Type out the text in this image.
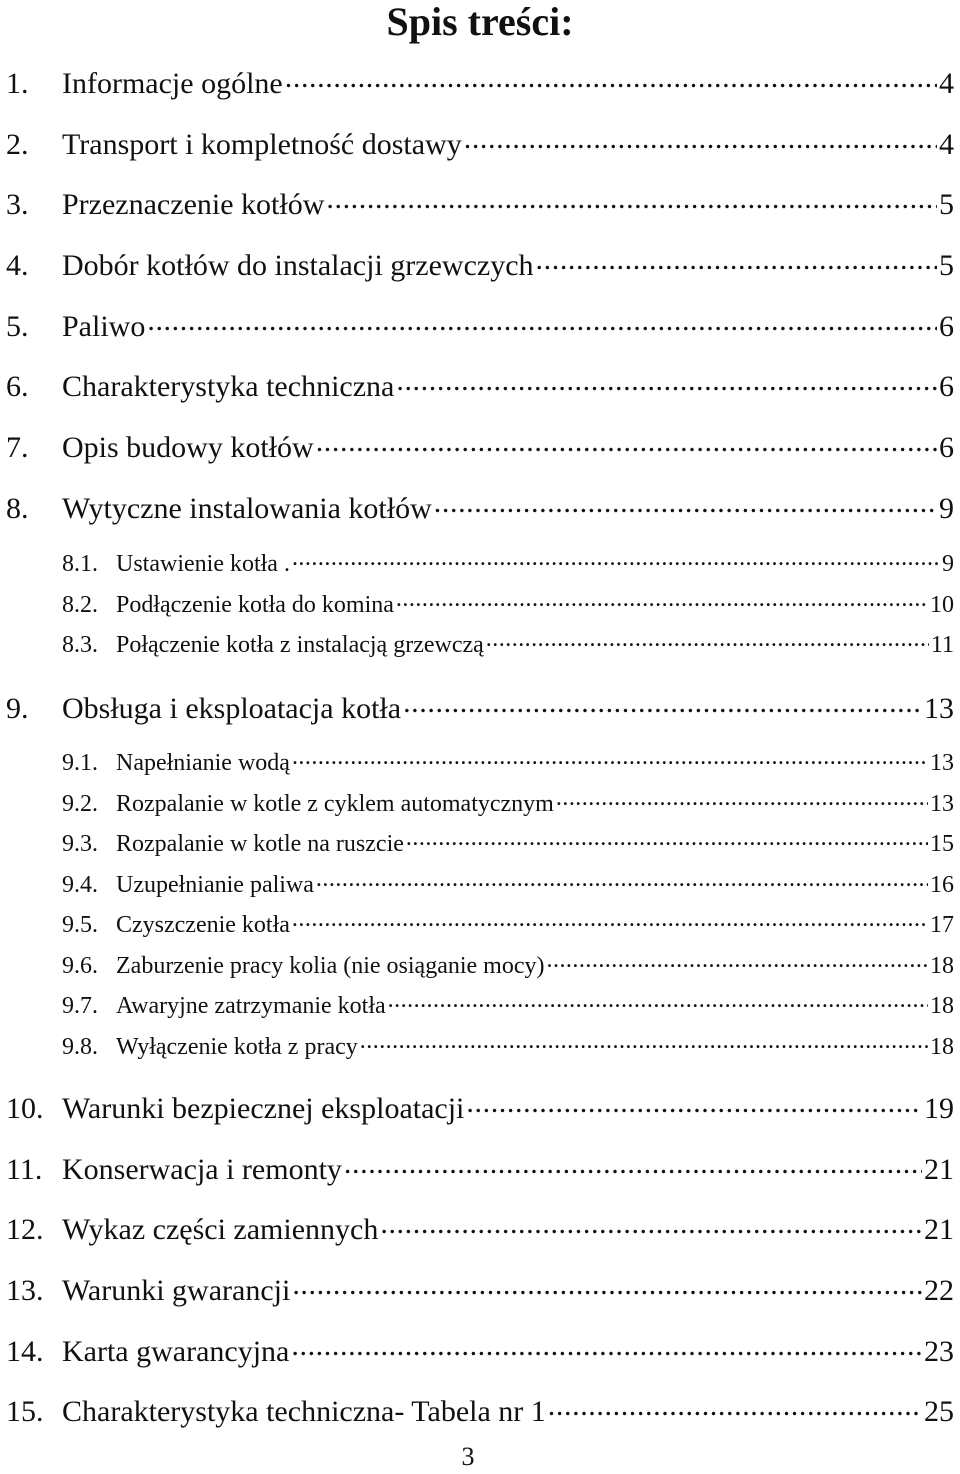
Spis treści:
1.	Informacje ogólne .....	4
2.	Transport i kompletność dostawy .....	4
3.	Przeznaczenie kotłów .....	5
4.	Dobór kotłów do instalacji grzewczych .....	5
5.	Paliwo .....	6
6.	Charakterystyka techniczna .....	6
7.	Opis budowy kotłów .....	6
8.	Wytyczne instalowania kotłów .....	9
8.1. Ustawienie kotła . .....	9
8.2. Podłączenie kotła do komina .....	10
8.3. Połączenie kotła z instalacją grzewczą .....	11
9.	Obsługa i eksploatacja kotła .....	13
9.1. Napełnianie wodą .....	13
9.2. Rozpalanie w kotle z cyklem automatycznym .....	13
9.3. Rozpalanie w kotle na ruszcie .....	15
9.4. Uzupełnianie paliwa .....	16
9.5. Czyszczenie kotła .....	17
9.6. Zaburzenie pracy kolia (nie osiąganie mocy) .....	18
9.7. Awaryjne zatrzymanie kotła .....	18
9.8. Wyłączenie kotła z pracy .....	18
10. Warunki bezpiecznej eksploatacji .....	19
11. Konserwacja i remonty .....	21
12. Wykaz części zamiennych .....	21
13. Warunki gwarancji .....	22
14. Karta gwarancyjna .....	23
15. Charakterystyka techniczna- Tabela nr 1 .....	25
3
